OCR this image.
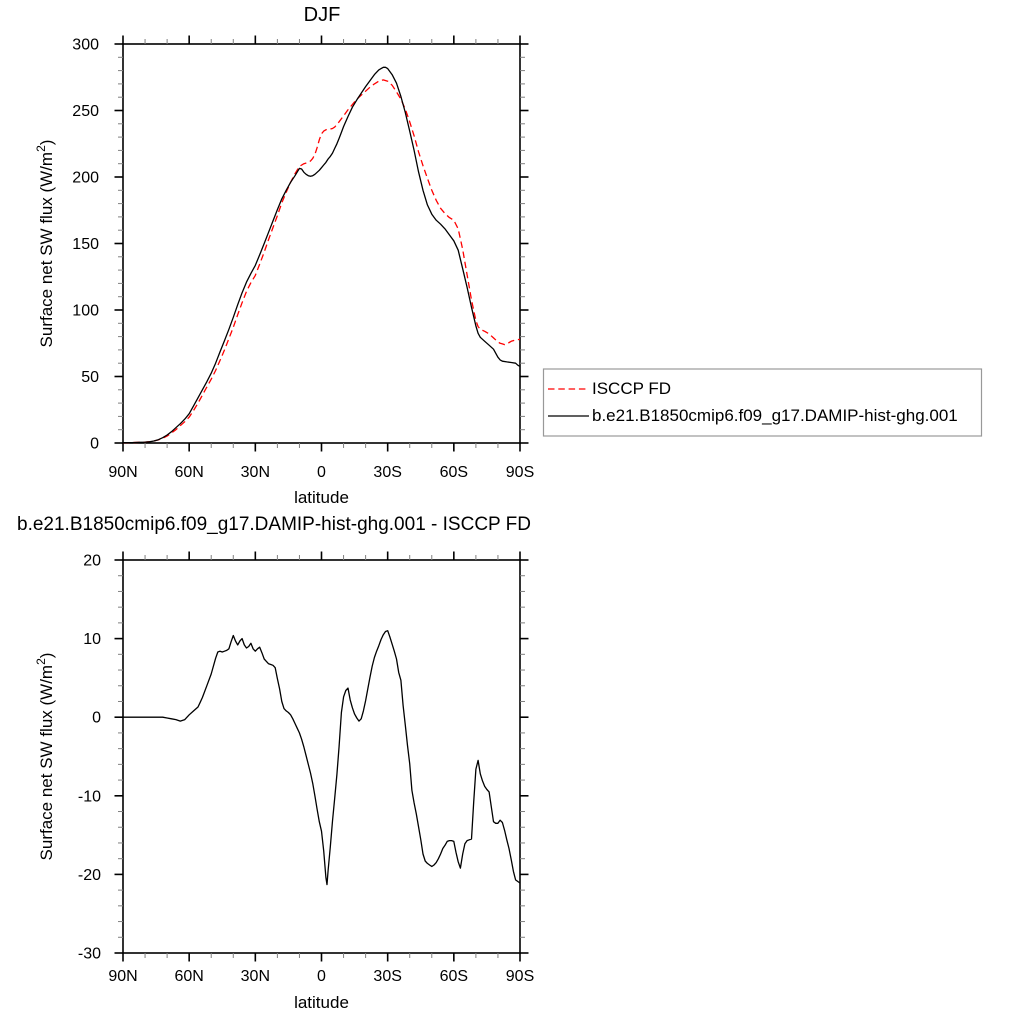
90N 60N 30N	0	30S 60S 90S
0
50
100
150
200
250
300
DJF
latitude
Surface net SW flux $(W/m^2)$
ISCCP FD
b.e21.B1850cmip6.f09_g17.DAMIP-hist-ghg.001
90N 60N 30N	0	30S 60S 90S
-30
-20
-10
0
10
20
b.e21.B1850cmip6.f09_g17.DAMIP-hist-ghg.001 - ISCCP FD
latitude
Surface net SW flux $(W/m^2)$
